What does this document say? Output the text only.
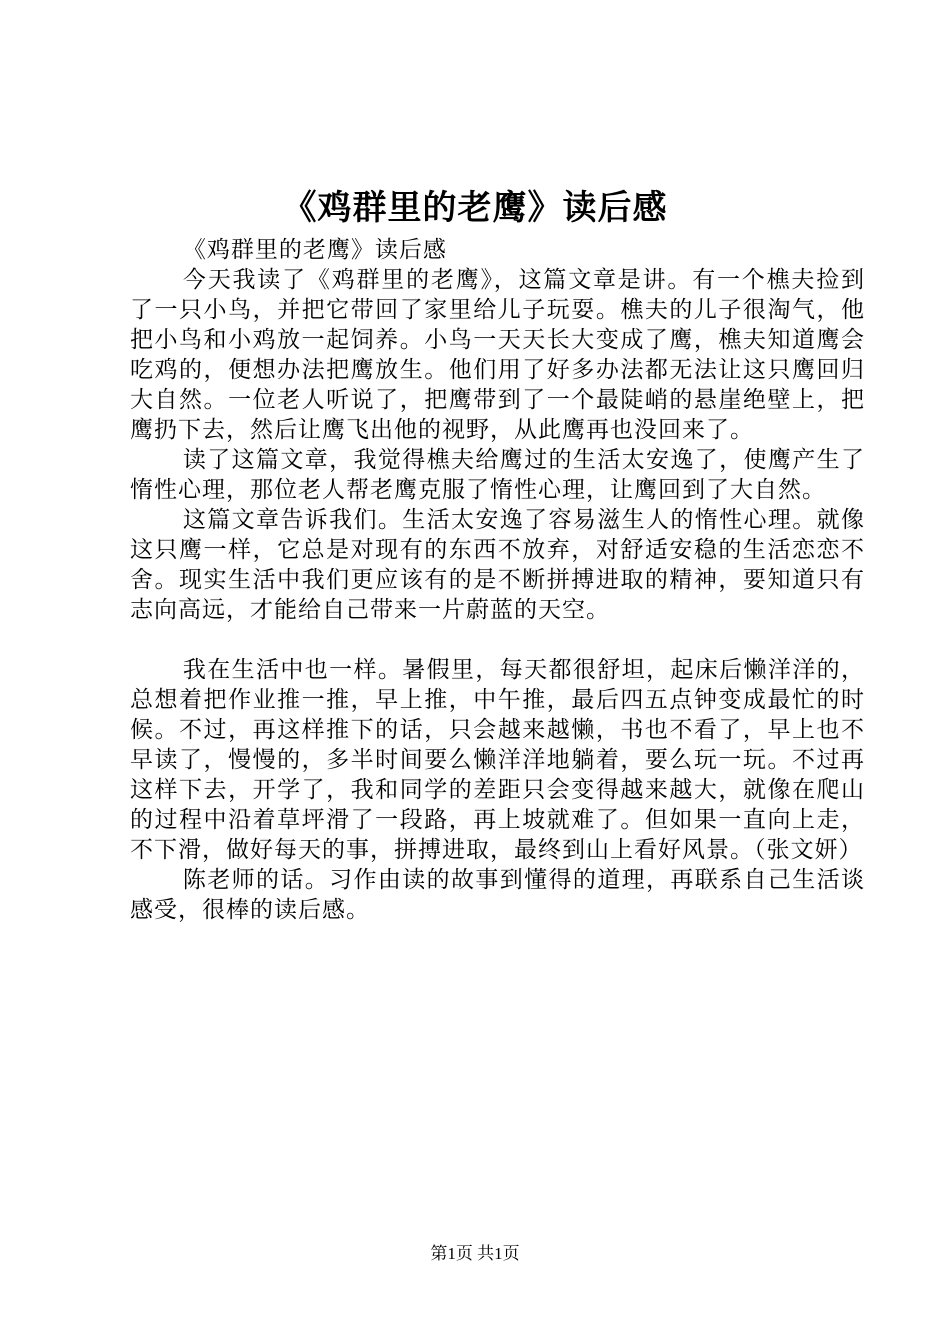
《鸡群里的老鹰》读后感

《鸡群里的老鹰》读后感

今天我读了《鸡群里的老鹰》，这篇文章是讲。有一个樵夫捡到了一只小鸟，并把它带回了家里给儿子玩耍。樵夫的儿子很淘气，他把小鸟和小鸡放一起饲养。小鸟一天天长大变成了鹰，樵夫知道鹰会吃鸡的，便想办法把鹰放生。他们用了好多办法都无法让这只鹰回归大自然。一位老人听说了，把鹰带到了一个最陡峭的悬崖绝壁上，把鹰扔下去，然后让鹰飞出他的视野，从此鹰再也没回来了。

读了这篇文章，我觉得樵夫给鹰过的生活太安逸了，使鹰产生了惰性心理，那位老人帮老鹰克服了惰性心理，让鹰回到了大自然。

这篇文章告诉我们。生活太安逸了容易滋生人的惰性心理。就像这只鹰一样，它总是对现有的东西不放弃，对舒适安稳的生活恋恋不舍。现实生活中我们更应该有的是不断拼搏进取的精神，要知道只有志向高远，才能给自己带来一片蔚蓝的天空。

我在生活中也一样。暑假里，每天都很舒坦，起床后懒洋洋的，总想着把作业推一推，早上推，中午推，最后四五点钟变成最忙的时候。不过，再这样推下的话，只会越来越懒，书也不看了，早上也不早读了，慢慢的，多半时间要么懒洋洋地躺着，要么玩一玩。不过再这样下去，开学了，我和同学的差距只会变得越来越大，就像在爬山的过程中沿着草坪滑了一段路，再上坡就难了。但如果一直向上走，不下滑，做好每天的事，拼搏进取，最终到山上看好风景。（张文妍）

陈老师的话。习作由读的故事到懂得的道理，再联系自己生活谈感受，很棒的读后感。

第1页 共1页
